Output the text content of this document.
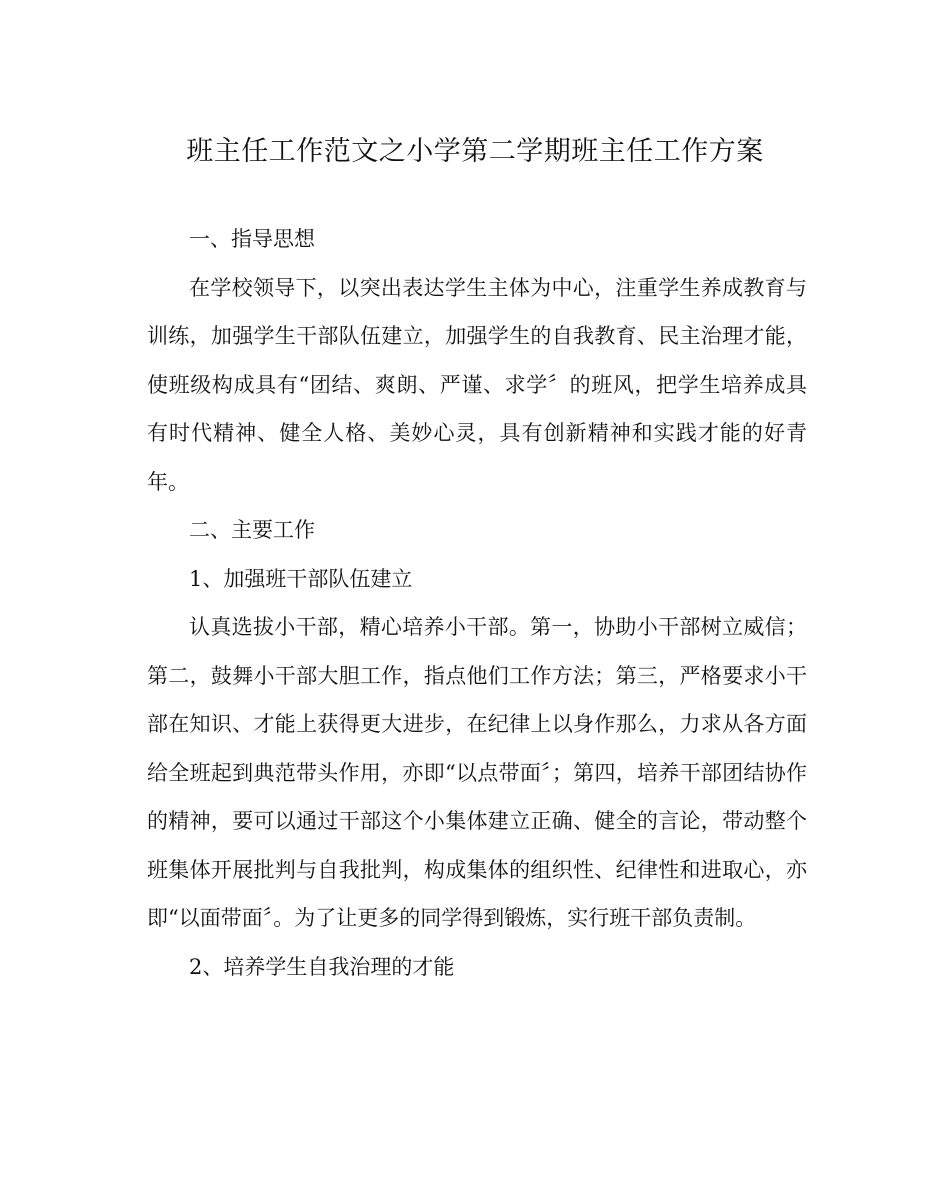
班主任工作范文之小学第二学期班主任工作方案

一、指导思想

在学校领导下，以突出表达学生主体为中心，注重学生养成教育与训练，加强学生干部队伍建立，加强学生的自我教育、民主治理才能，使班级构成具有“团结、爽朗、严谨、求学〞的班风，把学生培养成具有时代精神、健全人格、美妙心灵，具有创新精神和实践才能的好青年。

二、主要工作

1、加强班干部队伍建立

认真选拔小干部，精心培养小干部。第一，协助小干部树立威信；第二，鼓舞小干部大胆工作，指点他们工作方法；第三，严格要求小干部在知识、才能上获得更大进步，在纪律上以身作那么，力求从各方面给全班起到典范带头作用，亦即“以点带面〞；第四，培养干部团结协作的精神，要可以通过干部这个小集体建立正确、健全的言论，带动整个班集体开展批判与自我批判，构成集体的组织性、纪律性和进取心，亦即“以面带面〞。为了让更多的同学得到锻炼，实行班干部负责制。

2、培养学生自我治理的才能
